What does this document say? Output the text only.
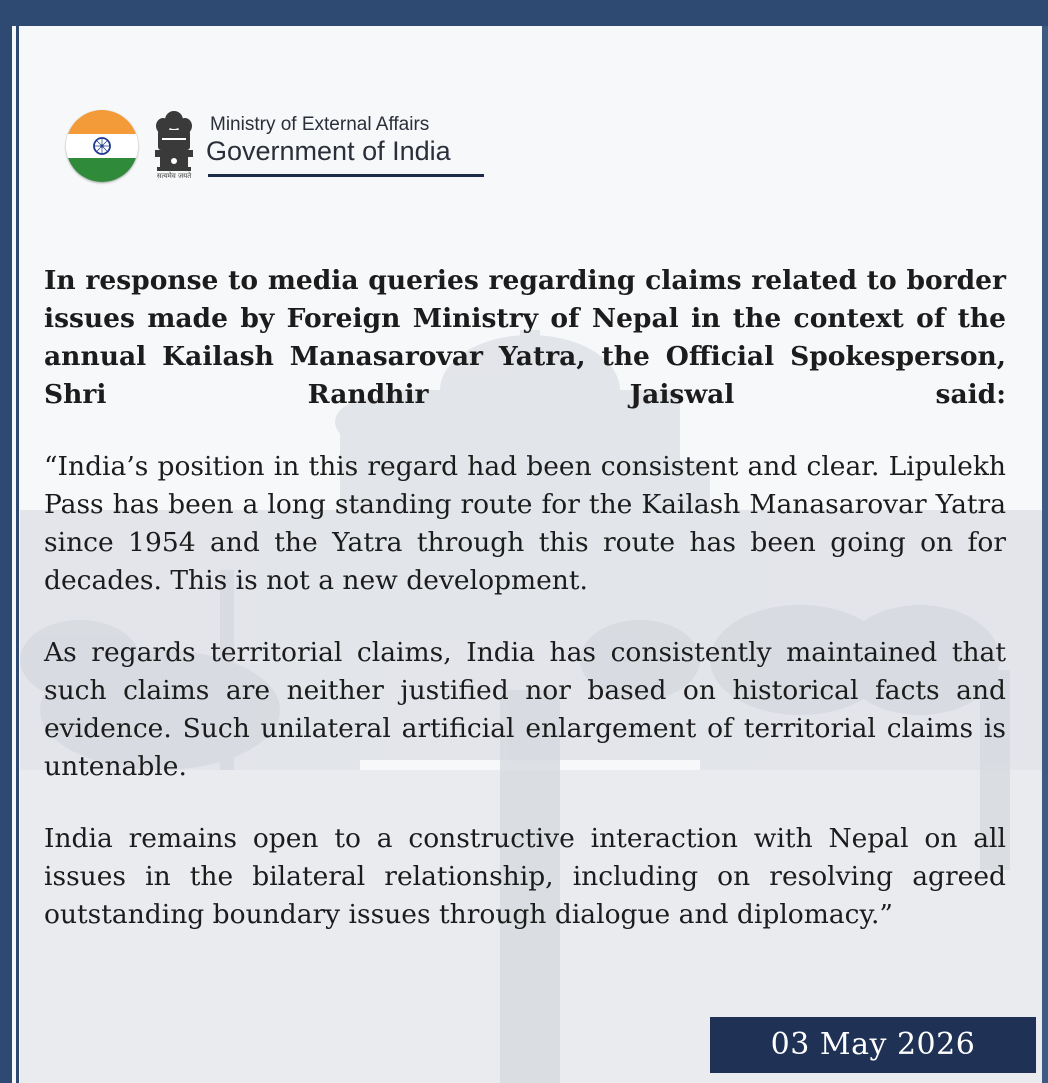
सत्यमेव जयते
Ministry of External Affairs
Government of India

In response to media queries regarding claims related to border issues made by Foreign Ministry of Nepal in the context of the annual Kailash Manasarovar Yatra, the Official Spokesperson, Shri Randhir Jaiswal said:

“India’s position in this regard had been consistent and clear. Lipulekh Pass has been a long standing route for the Kailash Manasarovar Yatra since 1954 and the Yatra through this route has been going on for decades. This is not a new development.

As regards territorial claims, India has consistently maintained that such claims are neither justified nor based on historical facts and evidence. Such unilateral artificial enlargement of territorial claims is untenable.

India remains open to a constructive interaction with Nepal on all issues in the bilateral relationship, including on resolving agreed outstanding boundary issues through dialogue and diplomacy.”

03 May 2026
